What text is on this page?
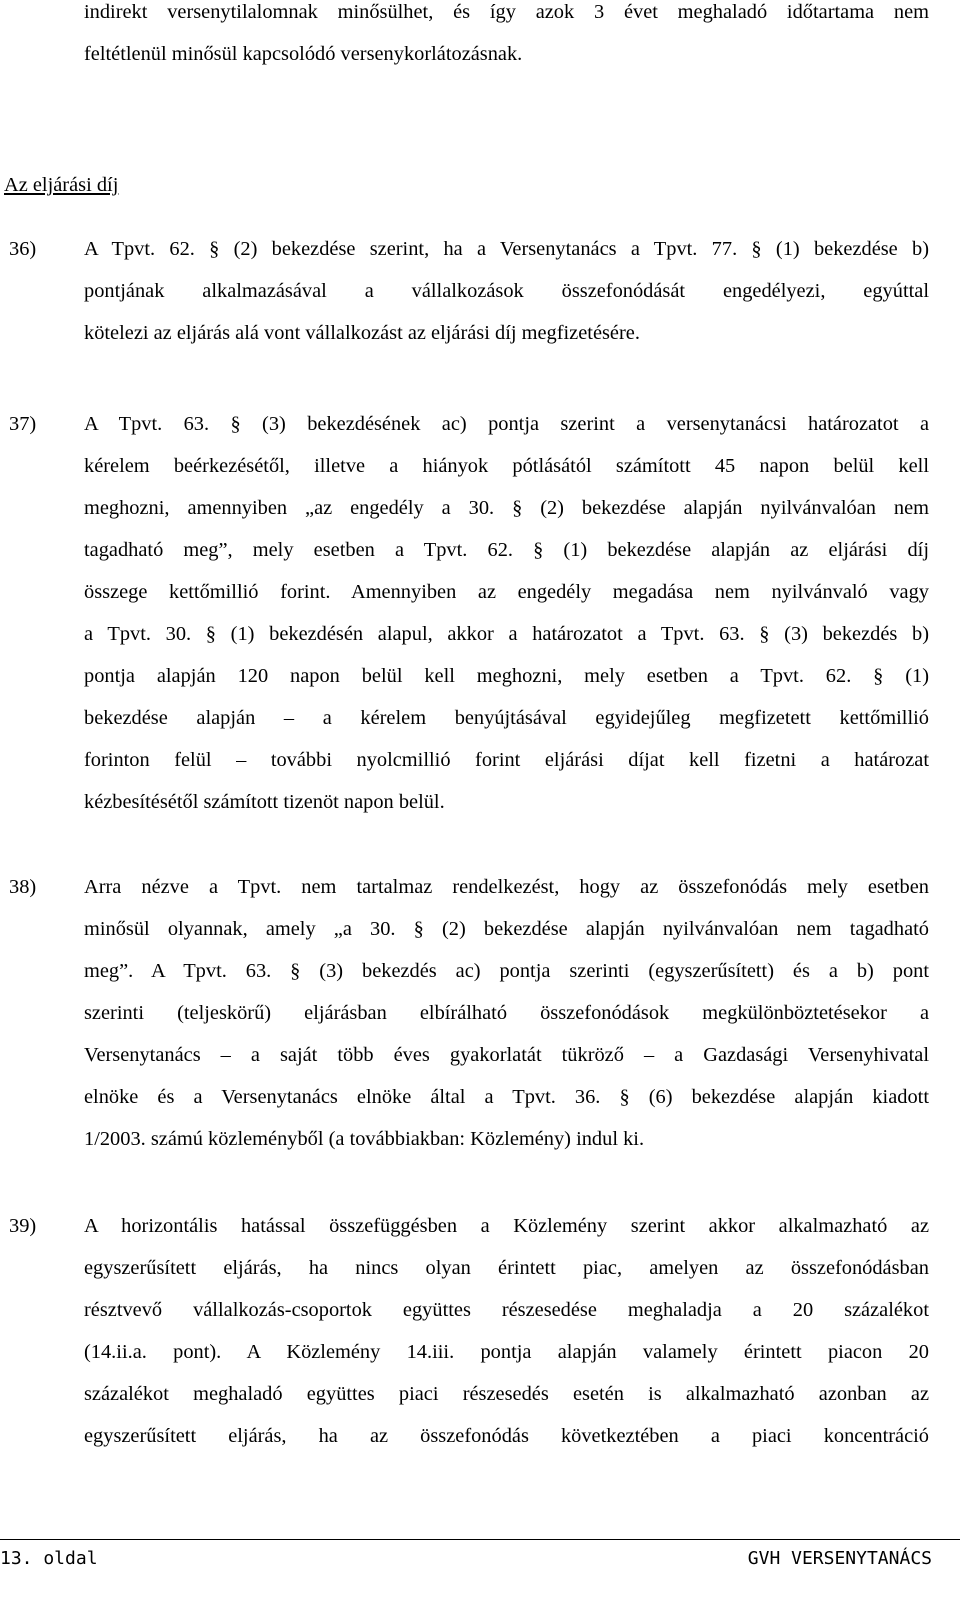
indirekt versenytilalomnak minősülhet, és így azok 3 évet meghaladó időtartama nem
feltétlenül minősül kapcsolódó versenykorlátozásnak.
Az eljárási díj
36) A Tpvt. 62. § (2) bekezdése szerint, ha a Versenytanács a Tpvt. 77. § (1) bekezdése b)
pontjának alkalmazásával a vállalkozások összefonódását engedélyezi, egyúttal
kötelezi az eljárás alá vont vállalkozást az eljárási díj megfizetésére.
37) A Tpvt. 63. § (3) bekezdésének ac) pontja szerint a versenytanácsi határozatot a
kérelem beérkezésétől, illetve a hiányok pótlásától számított 45 napon belül kell
meghozni, amennyiben „az engedély a 30. § (2) bekezdése alapján nyilvánvalóan nem
tagadható meg”, mely esetben a Tpvt. 62. § (1) bekezdése alapján az eljárási díj
összege kettőmillió forint. Amennyiben az engedély megadása nem nyilvánvaló vagy
a Tpvt. 30. § (1) bekezdésén alapul, akkor a határozatot a Tpvt. 63. § (3) bekezdés b)
pontja alapján 120 napon belül kell meghozni, mely esetben a Tpvt. 62. § (1)
bekezdése alapján – a kérelem benyújtásával egyidejűleg megfizetett kettőmillió
forinton felül – további nyolcmillió forint eljárási díjat kell fizetni a határozat
kézbesítésétől számított tizenöt napon belül.
38) Arra nézve a Tpvt. nem tartalmaz rendelkezést, hogy az összefonódás mely esetben
minősül olyannak, amely „a 30. § (2) bekezdése alapján nyilvánvalóan nem tagadható
meg”. A Tpvt. 63. § (3) bekezdés ac) pontja szerinti (egyszerűsített) és a b) pont
szerinti (teljeskörű) eljárásban elbírálható összefonódások megkülönböztetésekor a
Versenytanács – a saját több éves gyakorlatát tükröző – a Gazdasági Versenyhivatal
elnöke és a Versenytanács elnöke által a Tpvt. 36. § (6) bekezdése alapján kiadott
1/2003. számú közleményből (a továbbiakban: Közlemény) indul ki.
39) A horizontális hatással összefüggésben a Közlemény szerint akkor alkalmazható az
egyszerűsített eljárás, ha nincs olyan érintett piac, amelyen az összefonódásban
résztvevő vállalkozás-csoportok együttes részesedése meghaladja a 20 százalékot
(14.ii.a. pont). A Közlemény 14.iii. pontja alapján valamely érintett piacon 20
százalékot meghaladó együttes piaci részesedés esetén is alkalmazható azonban az
egyszerűsített eljárás, ha az összefonódás következtében a piaci koncentráció
13. oldal	GVH VERSENYTANÁCS
